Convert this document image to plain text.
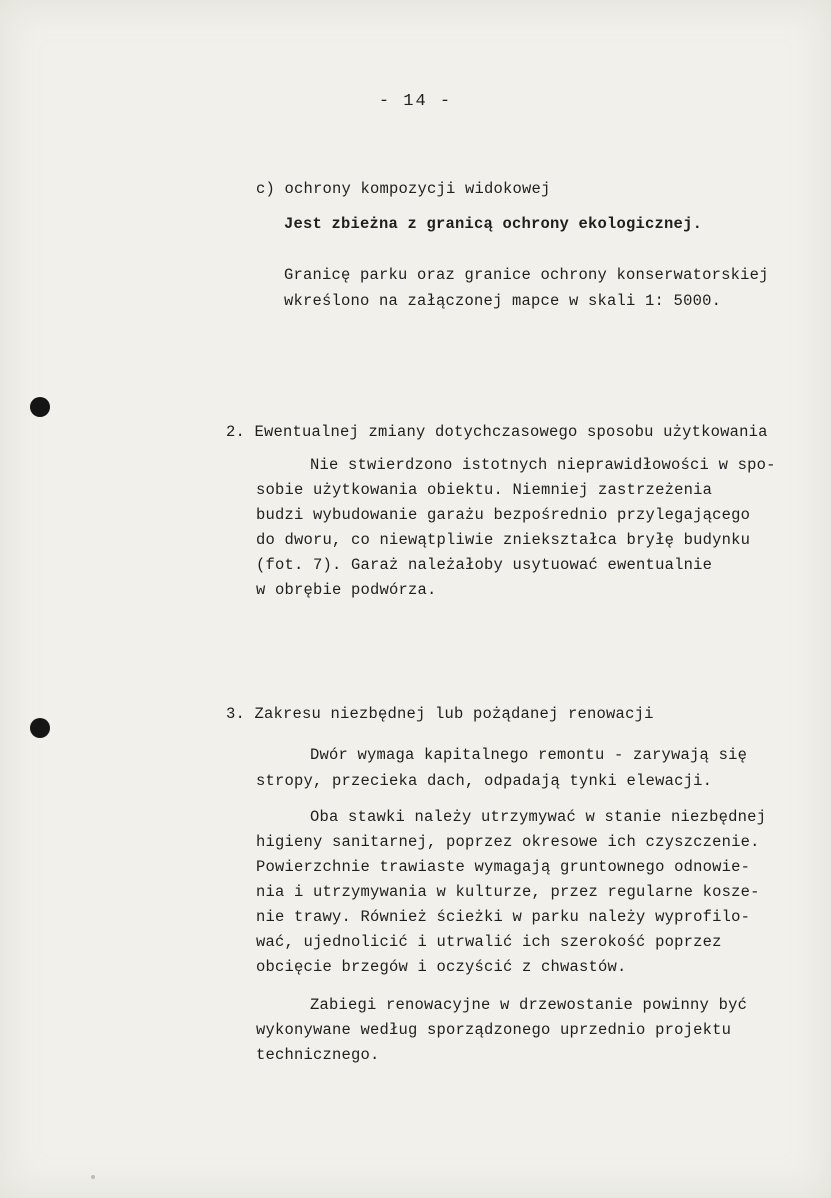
- 14 -
c) ochrony kompozycji widokowej
Jest zbieżna z granicą ochrony ekologicznej.
Granicę parku oraz granice ochrony konserwatorskiej
wkreślono na załączonej mapce w skali 1: 5000.
2. Ewentualnej zmiany dotychczasowego sposobu użytkowania
Nie stwierdzono istotnych nieprawidłowości w spo-
sobie użytkowania obiektu. Niemniej zastrzeżenia
budzi wybudowanie garażu bezpośrednio przylegającego
do dworu, co niewątpliwie zniekształca bryłę budynku
(fot. 7). Garaż należałoby usytuować ewentualnie
w obrębie podwórza.
3. Zakresu niezbędnej lub pożądanej renowacji
Dwór wymaga kapitalnego remontu - zarywają się
stropy, przecieka dach, odpadają tynki elewacji.
Oba stawki należy utrzymywać w stanie niezbędnej
higieny sanitarnej, poprzez okresowe ich czyszczenie.
Powierzchnie trawiaste wymagają gruntownego odnowie-
nia i utrzymywania w kulturze, przez regularne kosze-
nie trawy. Również ścieżki w parku należy wyprofilo-
wać, ujednolicić i utrwalić ich szerokość poprzez
obcięcie brzegów i oczyścić z chwastów.
Zabiegi renowacyjne w drzewostanie powinny być
wykonywane według sporządzonego uprzednio projektu
technicznego.
